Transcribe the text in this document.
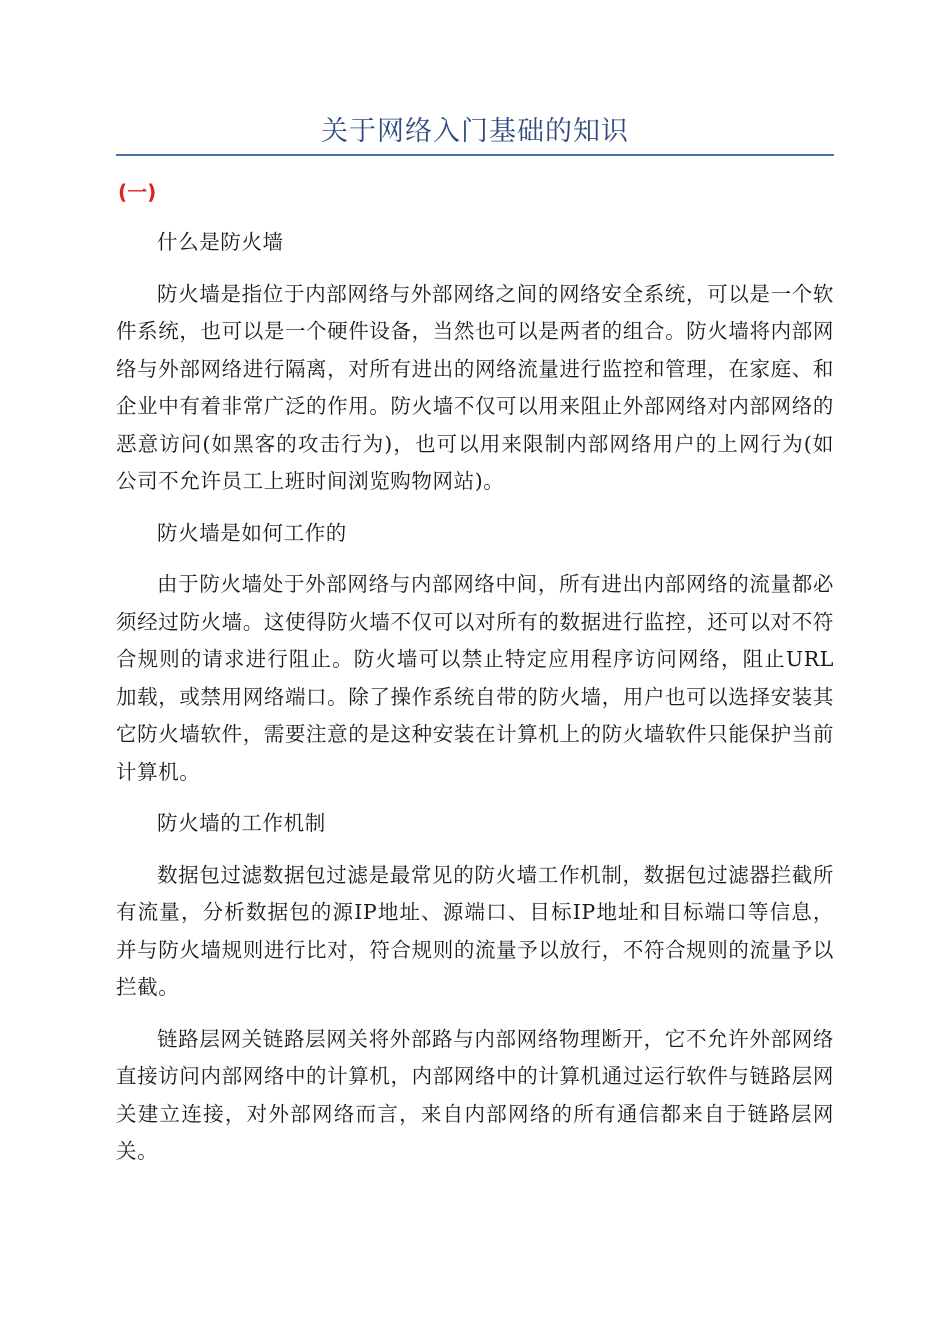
关于网络入门基础的知识
(一)

什么是防火墙

防火墙是指位于内部网络与外部网络之间的网络安全系统，可以是一个软件系统，也可以是一个硬件设备，当然也可以是两者的组合。防火墙将内部网络与外部网络进行隔离，对所有进出的网络流量进行监控和管理，在家庭、和企业中有着非常广泛的作用。防火墙不仅可以用来阻止外部网络对内部网络的恶意访问(如黑客的攻击行为)，也可以用来限制内部网络用户的上网行为(如公司不允许员工上班时间浏览购物网站)。

防火墙是如何工作的

由于防火墙处于外部网络与内部网络中间，所有进出内部网络的流量都必须经过防火墙。这使得防火墙不仅可以对所有的数据进行监控，还可以对不符合规则的请求进行阻止。防火墙可以禁止特定应用程序访问网络，阻止URL加载，或禁用网络端口。除了操作系统自带的防火墙，用户也可以选择安装其它防火墙软件，需要注意的是这种安装在计算机上的防火墙软件只能保护当前计算机。

防火墙的工作机制

数据包过滤数据包过滤是最常见的防火墙工作机制，数据包过滤器拦截所有流量，分析数据包的源IP地址、源端口、目标IP地址和目标端口等信息，并与防火墙规则进行比对，符合规则的流量予以放行，不符合规则的流量予以拦截。

链路层网关链路层网关将外部路与内部网络物理断开，它不允许外部网络直接访问内部网络中的计算机，内部网络中的计算机通过运行软件与链路层网关建立连接，对外部网络而言，来自内部网络的所有通信都来自于链路层网关。
